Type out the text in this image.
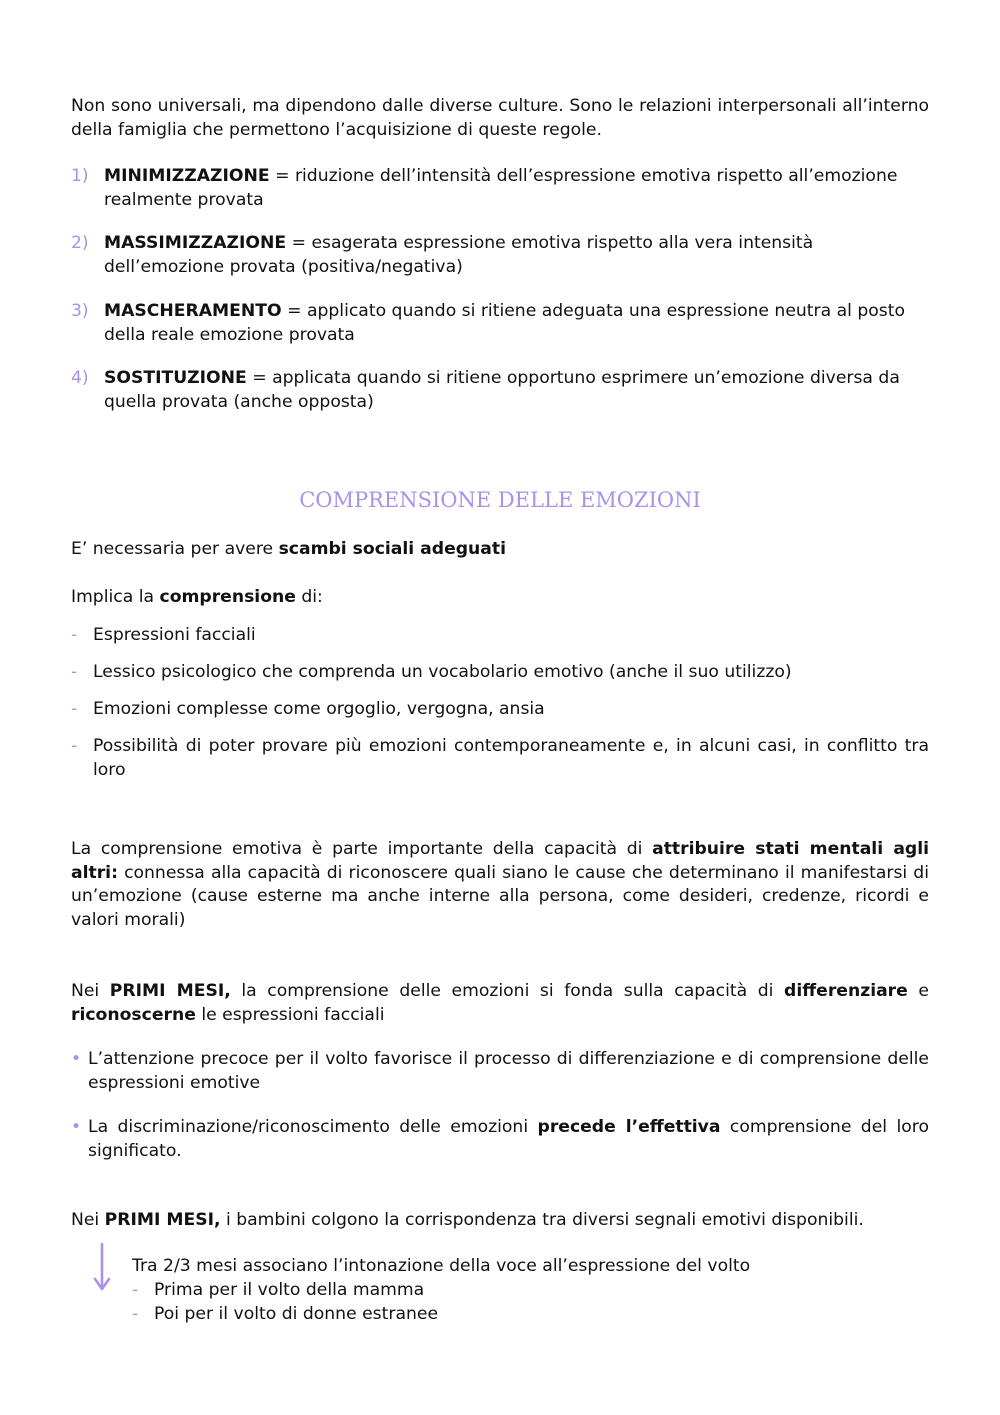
Non sono universali, ma dipendono dalle diverse culture. Sono le relazioni interpersonali all’interno della famiglia che permettono l’acquisizione di queste regole.
1) MINIMIZZAZIONE = riduzione dell’intensità dell’espressione emotiva rispetto all’emozione realmente provata
2) MASSIMIZZAZIONE = esagerata espressione emotiva rispetto alla vera intensità dell’emozione provata (positiva/negativa)
3) MASCHERAMENTO = applicato quando si ritiene adeguata una espressione neutra al posto della reale emozione provata
4) SOSTITUZIONE = applicata quando si ritiene opportuno esprimere un’emozione diversa da quella provata (anche opposta)
COMPRENSIONE DELLE EMOZIONI
E’ necessaria per avere scambi sociali adeguati
Implica la comprensione di:
- Espressioni facciali
- Lessico psicologico che comprenda un vocabolario emotivo (anche il suo utilizzo)
- Emozioni complesse come orgoglio, vergogna, ansia
- Possibilità di poter provare più emozioni contemporaneamente e, in alcuni casi, in conflitto tra loro
La comprensione emotiva è parte importante della capacità di attribuire stati mentali agli altri: connessa alla capacità di riconoscere quali siano le cause che determinano il manifestarsi di un’emozione (cause esterne ma anche interne alla persona, come desideri, credenze, ricordi e valori morali)
Nei PRIMI MESI, la comprensione delle emozioni si fonda sulla capacità di differenziare e riconoscerne le espressioni facciali
• L’attenzione precoce per il volto favorisce il processo di differenziazione e di comprensione delle espressioni emotive
• La discriminazione/riconoscimento delle emozioni precede l’effettiva comprensione del loro significato.
Nei PRIMI MESI, i bambini colgono la corrispondenza tra diversi segnali emotivi disponibili.
Tra 2/3 mesi associano l’intonazione della voce all’espressione del volto
- Prima per il volto della mamma
- Poi per il volto di donne estranee
